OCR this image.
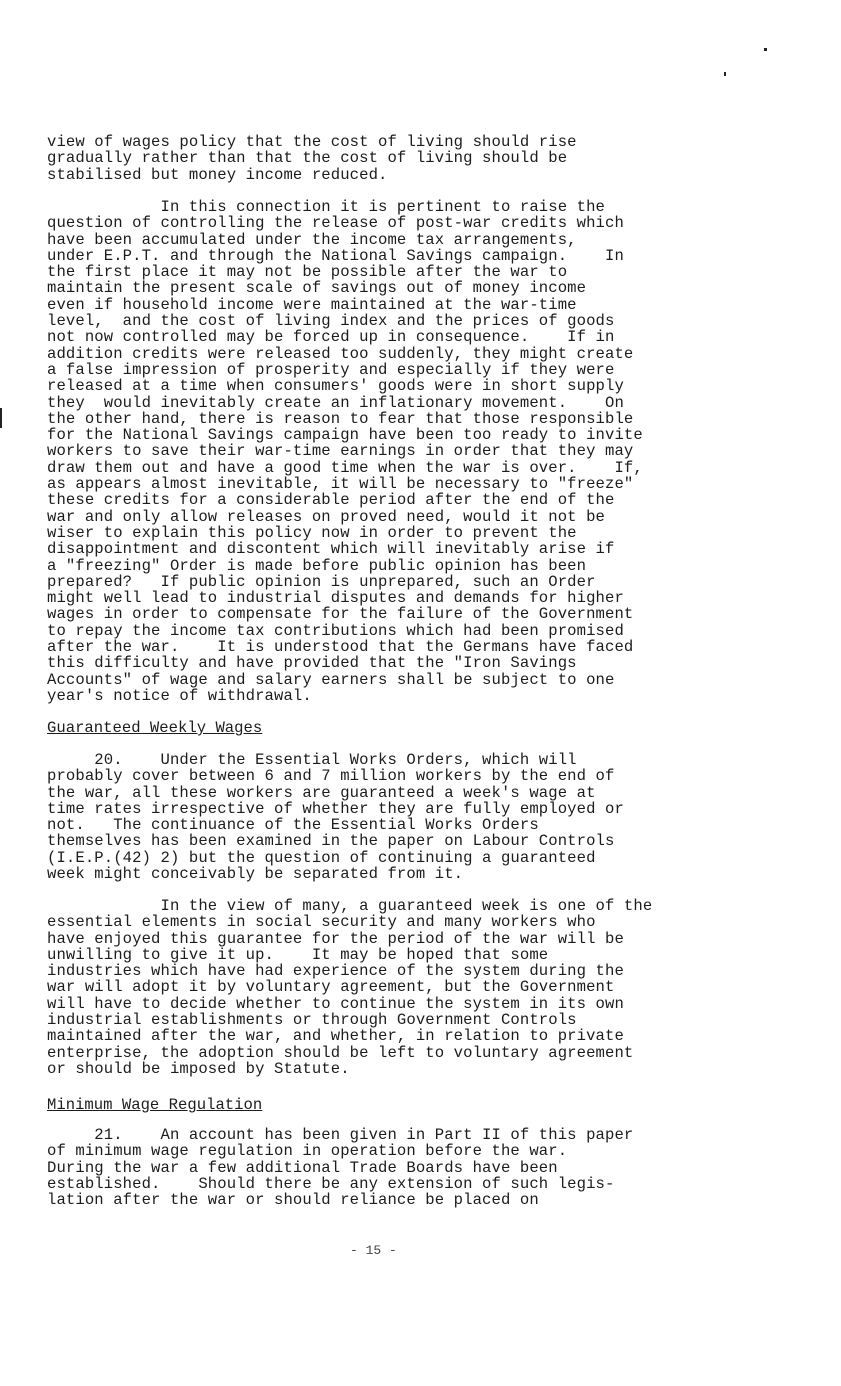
view of wages policy that the cost of living should rise
gradually rather than that the cost of living should be
stabilised but money income reduced.

In this connection it is pertinent to raise the
question of controlling the release of post-war credits which
have been accumulated under the income tax arrangements,
under E.P.T. and through the National Savings campaign.    In
the first place it may not be possible after the war to
maintain the present scale of savings out of money income
even if household income were maintained at the war-time
level,  and the cost of living index and the prices of goods
not now controlled may be forced up in consequence.    If in
addition credits were released too suddenly, they might create
a false impression of prosperity and especially if they were
released at a time when consumers' goods were in short supply
they  would inevitably create an inflationary movement.    On
the other hand, there is reason to fear that those responsible
for the National Savings campaign have been too ready to invite
workers to save their war-time earnings in order that they may
draw them out and have a good time when the war is over.    If,
as appears almost inevitable, it will be necessary to "freeze"
these credits for a considerable period after the end of the
war and only allow releases on proved need, would it not be
wiser to explain this policy now in order to prevent the
disappointment and discontent which will inevitably arise if
a "freezing" Order is made before public opinion has been
prepared?   If public opinion is unprepared, such an Order
might well lead to industrial disputes and demands for higher
wages in order to compensate for the failure of the Government
to repay the income tax contributions which had been promised
after the war.    It is understood that the Germans have faced
this difficulty and have provided that the "Iron Savings
Accounts" of wage and salary earners shall be subject to one
year's notice of withdrawal.

Guaranteed Weekly Wages

20.    Under the Essential Works Orders, which will
probably cover between 6 and 7 million workers by the end of
the war, all these workers are guaranteed a week's wage at
time rates irrespective of whether they are fully employed or
not.   The continuance of the Essential Works Orders
themselves has been examined in the paper on Labour Controls
(I.E.P.(42) 2) but the question of continuing a guaranteed
week might conceivably be separated from it.

In the view of many, a guaranteed week is one of the
essential elements in social security and many workers who
have enjoyed this guarantee for the period of the war will be
unwilling to give it up.    It may be hoped that some
industries which have had experience of the system during the
war will adopt it by voluntary agreement, but the Government
will have to decide whether to continue the system in its own
industrial establishments or through Government Controls
maintained after the war, and whether, in relation to private
enterprise, the adoption should be left to voluntary agreement
or should be imposed by Statute.

Minimum Wage Regulation

21.    An account has been given in Part II of this paper
of minimum wage regulation in operation before the war.
During the war a few additional Trade Boards have been
established.    Should there be any extension of such legis-
lation after the war or should reliance be placed on

- 15 -
